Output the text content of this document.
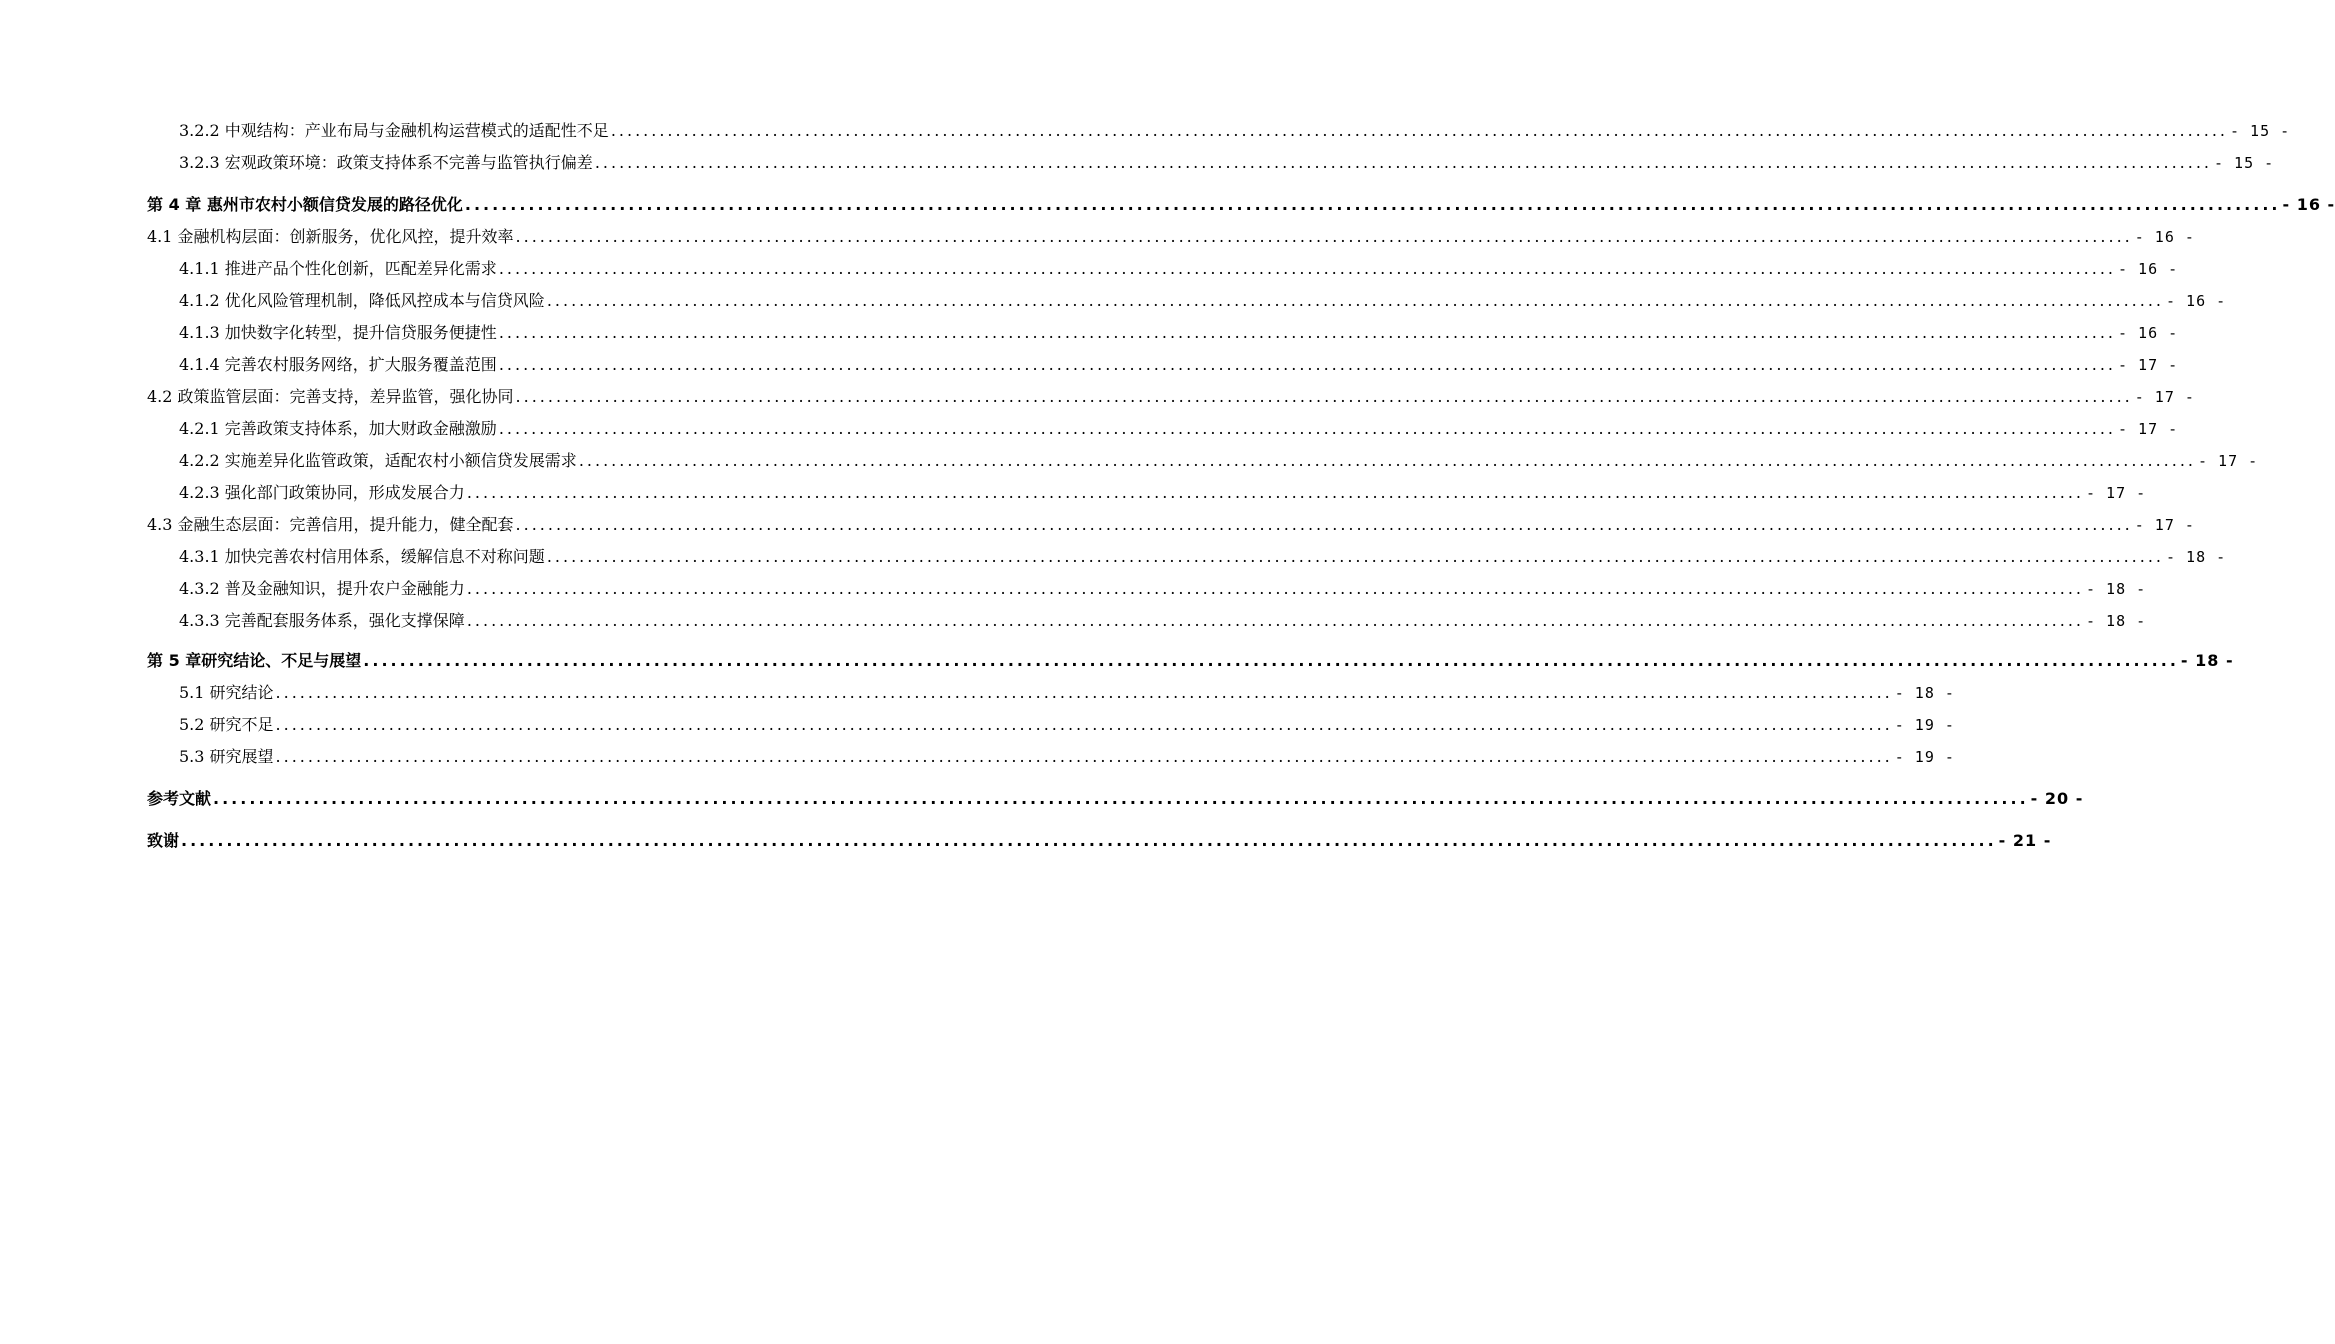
3.2.2 中观结构：产业布局与金融机构运营模式的适配性不足 ........................................................................................................................................................................................................ - 15 -
3.2.3 宏观政策环境：政策支持体系不完善与监管执行偏差 ........................................................................................................................................................................................................ - 15 -
第 4 章 惠州市农村小额信贷发展的路径优化 ........................................................................................................................................................................................................ - 16 -
4.1 金融机构层面：创新服务，优化风控，提升效率 ........................................................................................................................................................................................................ - 16 -
4.1.1 推进产品个性化创新，匹配差异化需求 ........................................................................................................................................................................................................ - 16 -
4.1.2 优化风险管理机制，降低风控成本与信贷风险 ........................................................................................................................................................................................................ - 16 -
4.1.3 加快数字化转型，提升信贷服务便捷性 ........................................................................................................................................................................................................ - 16 -
4.1.4 完善农村服务网络，扩大服务覆盖范围 ........................................................................................................................................................................................................ - 17 -
4.2 政策监管层面：完善支持，差异监管，强化协同 ........................................................................................................................................................................................................ - 17 -
4.2.1 完善政策支持体系，加大财政金融激励 ........................................................................................................................................................................................................ - 17 -
4.2.2 实施差异化监管政策，适配农村小额信贷发展需求 ........................................................................................................................................................................................................ - 17 -
4.2.3 强化部门政策协同，形成发展合力 ........................................................................................................................................................................................................ - 17 -
4.3 金融生态层面：完善信用，提升能力，健全配套 ........................................................................................................................................................................................................ - 17 -
4.3.1 加快完善农村信用体系，缓解信息不对称问题 ........................................................................................................................................................................................................ - 18 -
4.3.2 普及金融知识，提升农户金融能力 ........................................................................................................................................................................................................ - 18 -
4.3.3 完善配套服务体系，强化支撑保障 ........................................................................................................................................................................................................ - 18 -
第 5 章研究结论、不足与展望 ........................................................................................................................................................................................................ - 18 -
5.1 研究结论 ........................................................................................................................................................................................................ - 18 -
5.2 研究不足 ........................................................................................................................................................................................................ - 19 -
5.3 研究展望 ........................................................................................................................................................................................................ - 19 -
参考文献 ........................................................................................................................................................................................................ - 20 -
致谢 ........................................................................................................................................................................................................ - 21 -
